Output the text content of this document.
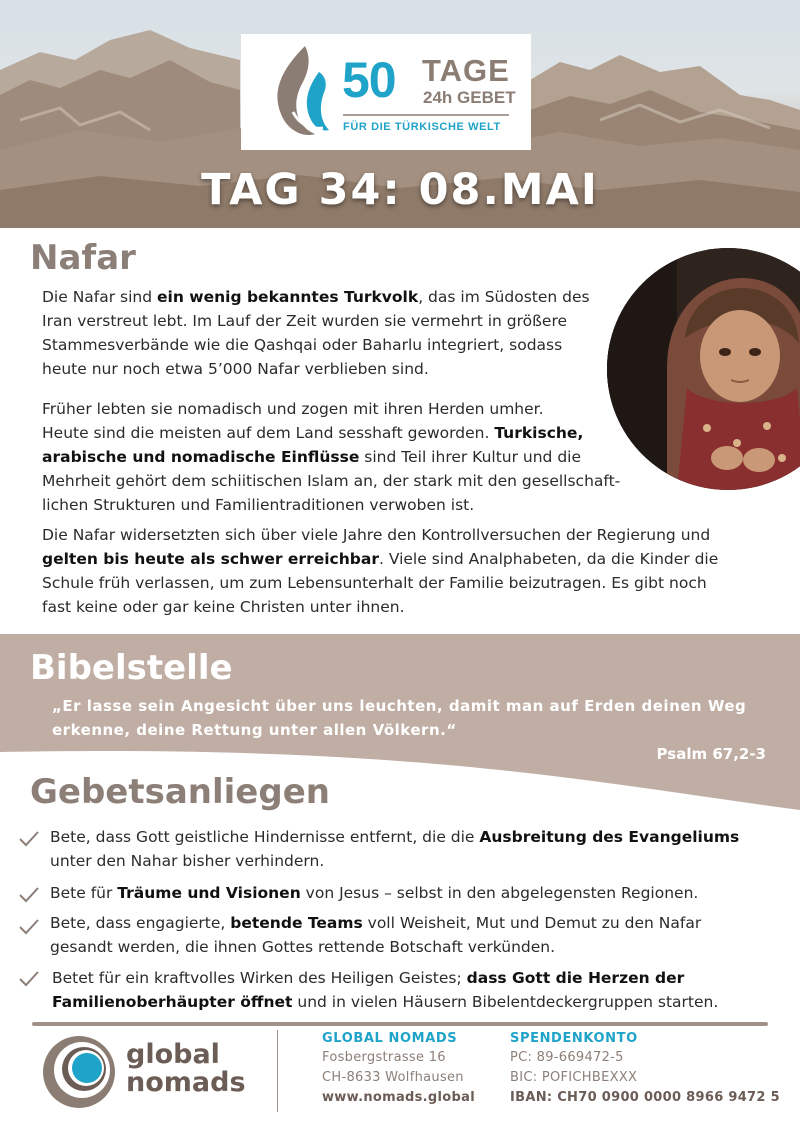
50 TAGE
24h GEBET
FÜR DIE TÜRKISCHE WELT
TAG 34: 08.MAI
Nafar
Die Nafar sind ein wenig bekanntes Turkvolk, das im Südosten des
Iran verstreut lebt. Im Lauf der Zeit wurden sie vermehrt in größere
Stammesverbände wie die Qashqai oder Baharlu integriert, sodass
heute nur noch etwa 5’000 Nafar verblieben sind.
Früher lebten sie nomadisch und zogen mit ihren Herden umher.
Heute sind die meisten auf dem Land sesshaft geworden. Turkische,
arabische und nomadische Einflüsse sind Teil ihrer Kultur und die
Mehrheit gehört dem schiitischen Islam an, der stark mit den gesellschaft-
lichen Strukturen und Familientraditionen verwoben ist.
Die Nafar widersetzten sich über viele Jahre den Kontrollversuchen der Regierung und
gelten bis heute als schwer erreichbar. Viele sind Analphabeten, da die Kinder die
Schule früh verlassen, um zum Lebensunterhalt der Familie beizutragen. Es gibt noch
fast keine oder gar keine Christen unter ihnen.
Bibelstelle
„Er lasse sein Angesicht über uns leuchten, damit man auf Erden deinen Weg
erkenne, deine Rettung unter allen Völkern.“
Psalm 67,2-3
Gebetsanliegen
Bete, dass Gott geistliche Hindernisse entfernt, die die Ausbreitung des Evangeliums
unter den Nahar bisher verhindern.
Bete für Träume und Visionen von Jesus – selbst in den abgelegensten Regionen.
Bete, dass engagierte, betende Teams voll Weisheit, Mut und Demut zu den Nafar
gesandt werden, die ihnen Gottes rettende Botschaft verkünden.
Betet für ein kraftvolles Wirken des Heiligen Geistes; dass Gott die Herzen der
Familienoberhäupter öffnet und in vielen Häusern Bibelentdeckergruppen starten.
global
nomads
GLOBAL NOMADS
Fosbergstrasse 16
CH-8633 Wolfhausen
www.nomads.global
SPENDENKONTO
PC: 89-669472-5
BIC: POFICHBEXXX
IBAN: CH70 0900 0000 8966 9472 5
